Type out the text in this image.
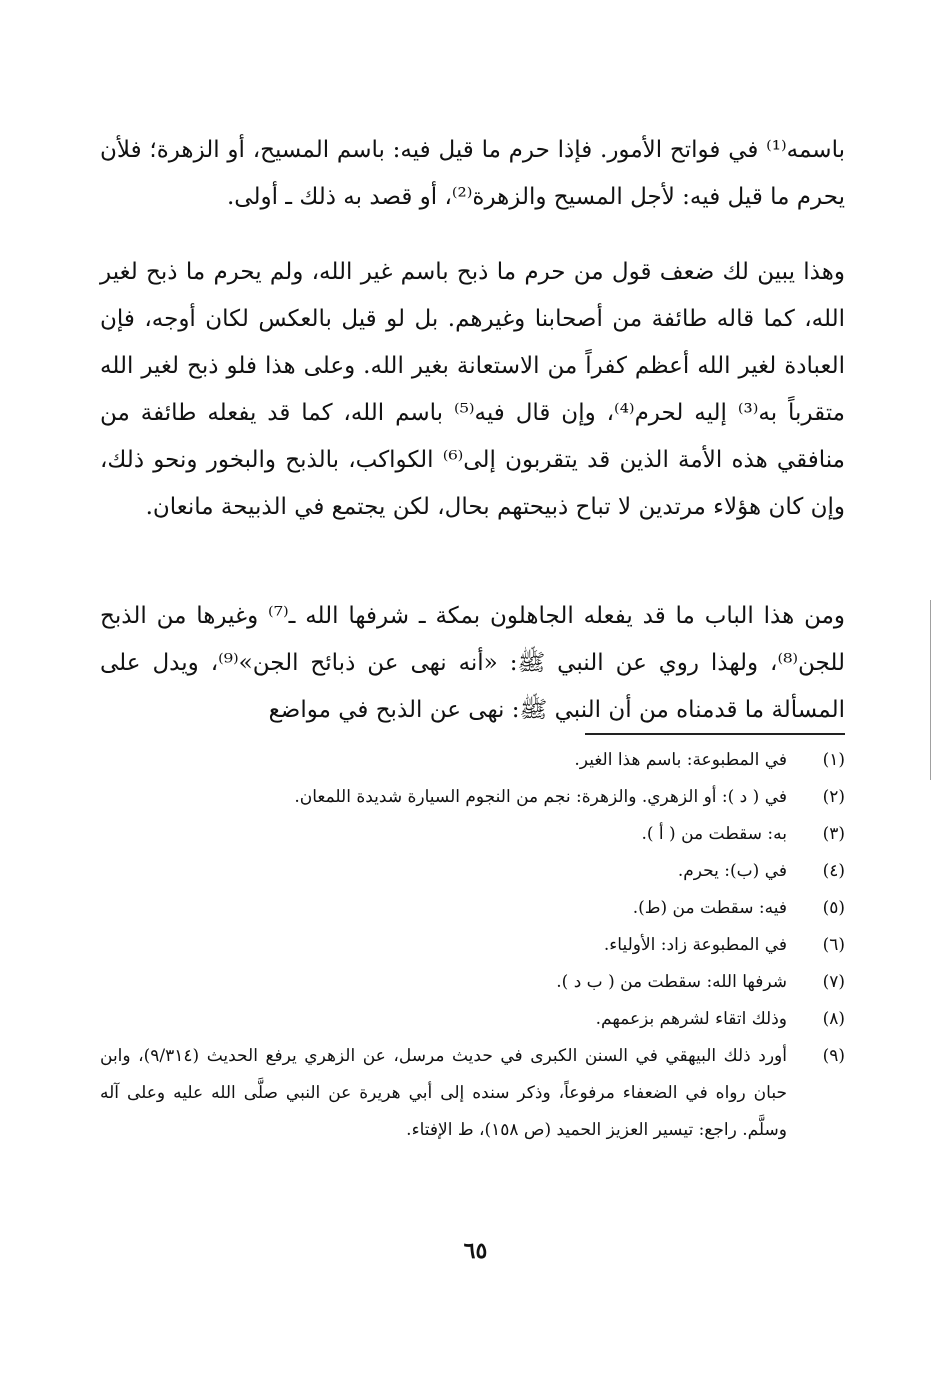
باسمه⁽¹⁾ في فواتح الأمور. فإذا حرم ما قيل فيه: باسم المسيح، أو الزهرة؛ فلأن يحرم ما قيل فيه: لأجل المسيح والزهرة⁽²⁾، أو قصد به ذلك ـ أولى.

وهذا يبين لك ضعف قول من حرم ما ذبح باسم غير الله، ولم يحرم ما ذبح لغير الله، كما قاله طائفة من أصحابنا وغيرهم. بل لو قيل بالعكس لكان أوجه، فإن العبادة لغير الله أعظم كفراً من الاستعانة بغير الله. وعلى هذا فلو ذبح لغير الله متقرباً به⁽³⁾ إليه لحرم⁽⁴⁾، وإن قال فيه⁽⁵⁾ باسم الله، كما قد يفعله طائفة من منافقي هذه الأمة الذين قد يتقربون إلى⁽⁶⁾ الكواكب، بالذبح والبخور ونحو ذلك، وإن كان هؤلاء مرتدين لا تباح ذبيحتهم بحال، لكن يجتمع في الذبيحة مانعان.

ومن هذا الباب ما قد يفعله الجاهلون بمكة ـ شرفها الله ـ⁽⁷⁾ وغيرها من الذبح للجن⁽⁸⁾، ولهذا روي عن النبي ﷺ: «أنه نهى عن ذبائح الجن»⁽⁹⁾، ويدل على المسألة ما قدمناه من أن النبي ﷺ: نهى عن الذبح في مواضع

(١)
في المطبوعة: باسم هذا الغير.
(٢)
في ( د ): أو الزهري. والزهرة: نجم من النجوم السيارة شديدة اللمعان.
(٣)
به: سقطت من ( أ ).
(٤)
في (ب): يحرم.
(٥)
فيه: سقطت من (ط).
(٦)
في المطبوعة زاد: الأولياء.
(٧)
شرفها الله: سقطت من ( ب د ).
(٨)
وذلك اتقاء لشرهم بزعمهم.
(٩)
أورد ذلك البيهقي في السنن الكبرى في حديث مرسل، عن الزهري يرفع الحديث (٩/٣١٤)، وابن حبان رواه في الضعفاء مرفوعاً، وذكر سنده إلى أبي هريرة عن النبي صلَّى الله عليه وعلى آله وسلَّم. راجع: تيسير العزيز الحميد (ص ١٥٨)، ط الإفتاء.
٦٥
